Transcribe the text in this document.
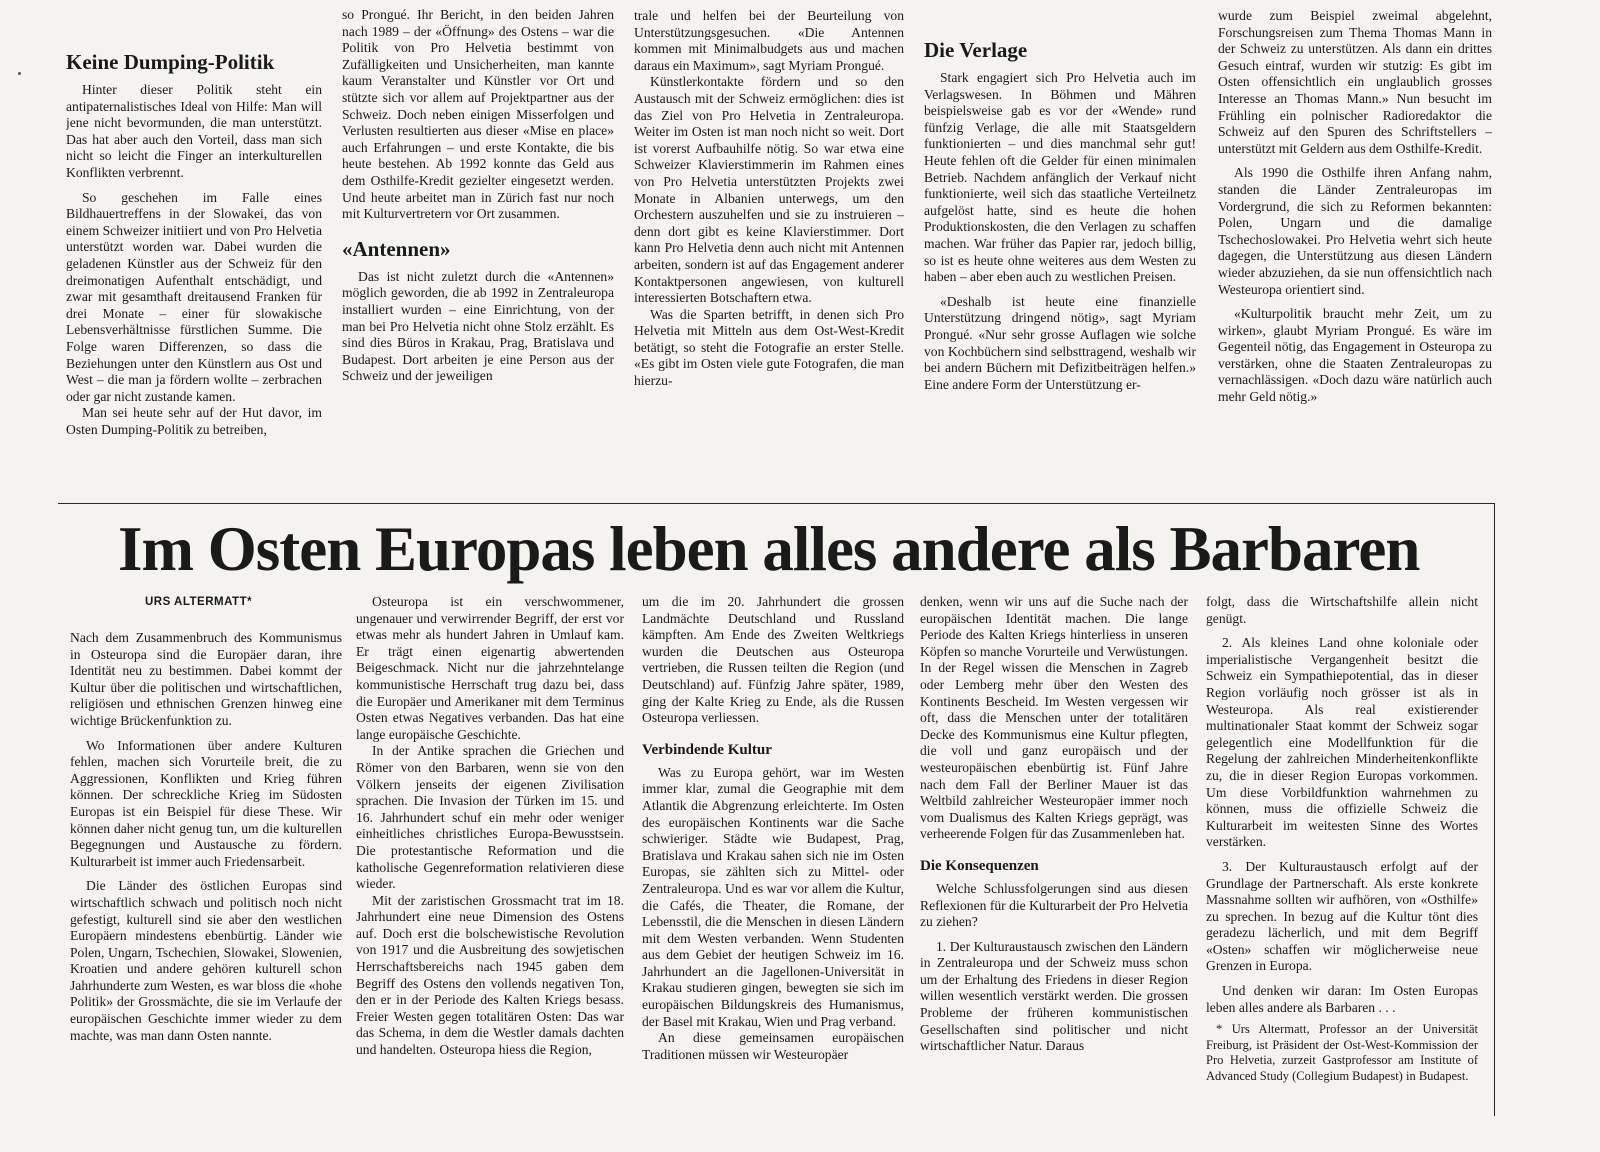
Keine Dumping-Politik

Hinter dieser Politik steht ein antipaternalistisches Ideal von Hilfe: Man will jene nicht bevormunden, die man unterstützt. Das hat aber auch den Vorteil, dass man sich nicht so leicht die Finger an interkulturellen Konflikten verbrennt.

So geschehen im Falle eines Bildhauertreffens in der Slowakei, das von einem Schweizer initiiert und von Pro Helvetia unterstützt worden war. Dabei wurden die geladenen Künstler aus der Schweiz für den dreimonatigen Aufenthalt entschädigt, und zwar mit gesamthaft dreitausend Franken für drei Monate – einer für slowakische Lebensverhältnisse fürstlichen Summe. Die Folge waren Differenzen, so dass die Beziehungen unter den Künstlern aus Ost und West – die man ja fördern wollte – zerbrachen oder gar nicht zustande kamen.

Man sei heute sehr auf der Hut davor, im Osten Dumping-Politik zu betreiben,

so Prongué. Ihr Bericht, in den beiden Jahren nach 1989 – der «Öffnung» des Ostens – war die Politik von Pro Helvetia bestimmt von Zufälligkeiten und Unsicherheiten, man kannte kaum Veranstalter und Künstler vor Ort und stützte sich vor allem auf Projektpartner aus der Schweiz. Doch neben einigen Misserfolgen und Verlusten resultierten aus dieser «Mise en place» auch Erfahrungen – und erste Kontakte, die bis heute bestehen. Ab 1992 konnte das Geld aus dem Osthilfe-Kredit gezielter eingesetzt werden. Und heute arbeitet man in Zürich fast nur noch mit Kulturvertretern vor Ort zusammen.

«Antennen»

Das ist nicht zuletzt durch die «Antennen» möglich geworden, die ab 1992 in Zentraleuropa installiert wurden – eine Einrichtung, von der man bei Pro Helvetia nicht ohne Stolz erzählt. Es sind dies Büros in Krakau, Prag, Bratislava und Budapest. Dort arbeiten je eine Person aus der Schweiz und der jeweiligen

trale und helfen bei der Beurteilung von Unterstützungsgesuchen. «Die Antennen kommen mit Minimalbudgets aus und machen daraus ein Maximum», sagt Myriam Prongué.

Künstlerkontakte fördern und so den Austausch mit der Schweiz ermöglichen: dies ist das Ziel von Pro Helvetia in Zentraleuropa. Weiter im Osten ist man noch nicht so weit. Dort ist vorerst Aufbauhilfe nötig. So war etwa eine Schweizer Klavierstimmerin im Rahmen eines von Pro Helvetia unterstützten Projekts zwei Monate in Albanien unterwegs, um den Orchestern auszuhelfen und sie zu instruieren – denn dort gibt es keine Klavierstimmer. Dort kann Pro Helvetia denn auch nicht mit Antennen arbeiten, sondern ist auf das Engagement anderer Kontaktpersonen angewiesen, von kulturell interessierten Botschaftern etwa.

Was die Sparten betrifft, in denen sich Pro Helvetia mit Mitteln aus dem Ost-West-Kredit betätigt, so steht die Fotografie an erster Stelle. «Es gibt im Osten viele gute Fotografen, die man hierzu-

Die Verlage

Stark engagiert sich Pro Helvetia auch im Verlagswesen. In Böhmen und Mähren beispielsweise gab es vor der «Wende» rund fünfzig Verlage, die alle mit Staatsgeldern funktionierten – und dies manchmal sehr gut! Heute fehlen oft die Gelder für einen minimalen Betrieb. Nachdem anfänglich der Verkauf nicht funktionierte, weil sich das staatliche Verteilnetz aufgelöst hatte, sind es heute die hohen Produktionskosten, die den Verlagen zu schaffen machen. War früher das Papier rar, jedoch billig, so ist es heute ohne weiteres aus dem Westen zu haben – aber eben auch zu westlichen Preisen.

«Deshalb ist heute eine finanzielle Unterstützung dringend nötig», sagt Myriam Prongué. «Nur sehr grosse Auflagen wie solche von Kochbüchern sind selbsttragend, weshalb wir bei andern Büchern mit Defizitbeiträgen helfen.» Eine andere Form der Unterstützung er-

wurde zum Beispiel zweimal abgelehnt, Forschungsreisen zum Thema Thomas Mann in der Schweiz zu unterstützen. Als dann ein drittes Gesuch eintraf, wurden wir stutzig: Es gibt im Osten offensichtlich ein unglaublich grosses Interesse an Thomas Mann.» Nun besucht im Frühling ein polnischer Radioredaktor die Schweiz auf den Spuren des Schriftstellers – unterstützt mit Geldern aus dem Osthilfe-Kredit.

Als 1990 die Osthilfe ihren Anfang nahm, standen die Länder Zentraleuropas im Vordergrund, die sich zu Reformen bekannten: Polen, Ungarn und die damalige Tschechoslowakei. Pro Helvetia wehrt sich heute dagegen, die Unterstützung aus diesen Ländern wieder abzuziehen, da sie nun offensichtlich nach Westeuropa orientiert sind.

«Kulturpolitik braucht mehr Zeit, um zu wirken», glaubt Myriam Prongué. Es wäre im Gegenteil nötig, das Engagement in Osteuropa zu verstärken, ohne die Staaten Zentraleuropas zu vernachlässigen. «Doch dazu wäre natürlich auch mehr Geld nötig.»

Im Osten Europas leben alles andere als Barbaren
URS ALTERMATT*

Nach dem Zusammenbruch des Kommunismus in Osteuropa sind die Europäer daran, ihre Identität neu zu bestimmen. Dabei kommt der Kultur über die politischen und wirtschaftlichen, religiösen und ethnischen Grenzen hinweg eine wichtige Brückenfunktion zu.

Wo Informationen über andere Kulturen fehlen, machen sich Vorurteile breit, die zu Aggressionen, Konflikten und Krieg führen können. Der schreckliche Krieg im Südosten Europas ist ein Beispiel für diese These. Wir können daher nicht genug tun, um die kulturellen Begegnungen und Austausche zu fördern. Kulturarbeit ist immer auch Friedensarbeit.

Die Länder des östlichen Europas sind wirtschaftlich schwach und politisch noch nicht gefestigt, kulturell sind sie aber den westlichen Europäern mindestens ebenbürtig. Länder wie Polen, Ungarn, Tschechien, Slowakei, Slowenien, Kroatien und andere gehören kulturell schon Jahrhunderte zum Westen, es war bloss die «hohe Politik» der Grossmächte, die sie im Verlaufe der europäischen Geschichte immer wieder zu dem machte, was man dann Osten nannte.

Osteuropa ist ein verschwommener, ungenauer und verwirrender Begriff, der erst vor etwas mehr als hundert Jahren in Umlauf kam. Er trägt einen eigenartig abwertenden Beigeschmack. Nicht nur die jahrzehntelange kommunistische Herrschaft trug dazu bei, dass die Europäer und Amerikaner mit dem Terminus Osten etwas Negatives verbanden. Das hat eine lange europäische Geschichte.

In der Antike sprachen die Griechen und Römer von den Barbaren, wenn sie von den Völkern jenseits der eigenen Zivilisation sprachen. Die Invasion der Türken im 15. und 16. Jahrhundert schuf ein mehr oder weniger einheitliches christliches Europa-Bewusstsein. Die protestantische Reformation und die katholische Gegenreformation relativieren diese wieder.

Mit der zaristischen Grossmacht trat im 18. Jahrhundert eine neue Dimension des Ostens auf. Doch erst die bolschewistische Revolution von 1917 und die Ausbreitung des sowjetischen Herrschaftsbereichs nach 1945 gaben dem Begriff des Ostens den vollends negativen Ton, den er in der Periode des Kalten Kriegs besass. Freier Westen gegen totalitären Osten: Das war das Schema, in dem die Westler damals dachten und handelten. Osteuropa hiess die Region,

um die im 20. Jahrhundert die grossen Landmächte Deutschland und Russland kämpften. Am Ende des Zweiten Weltkriegs wurden die Deutschen aus Osteuropa vertrieben, die Russen teilten die Region (und Deutschland) auf. Fünfzig Jahre später, 1989, ging der Kalte Krieg zu Ende, als die Russen Osteuropa verliessen.

Verbindende Kultur

Was zu Europa gehört, war im Westen immer klar, zumal die Geographie mit dem Atlantik die Abgrenzung erleichterte. Im Osten des europäischen Kontinents war die Sache schwieriger. Städte wie Budapest, Prag, Bratislava und Krakau sahen sich nie im Osten Europas, sie zählten sich zu Mittel- oder Zentraleuropa. Und es war vor allem die Kultur, die Cafés, die Theater, die Romane, der Lebensstil, die die Menschen in diesen Ländern mit dem Westen verbanden. Wenn Studenten aus dem Gebiet der heutigen Schweiz im 16. Jahrhundert an die Jagellonen-Universität in Krakau studieren gingen, bewegten sie sich im europäischen Bildungskreis des Humanismus, der Basel mit Krakau, Wien und Prag verband.

An diese gemeinsamen europäischen Traditionen müssen wir Westeuropäer

denken, wenn wir uns auf die Suche nach der europäischen Identität machen. Die lange Periode des Kalten Kriegs hinterliess in unseren Köpfen so manche Vorurteile und Verwüstungen. In der Regel wissen die Menschen in Zagreb oder Lemberg mehr über den Westen des Kontinents Bescheid. Im Westen vergessen wir oft, dass die Menschen unter der totalitären Decke des Kommunismus eine Kultur pflegten, die voll und ganz europäisch und der westeuropäischen ebenbürtig ist. Fünf Jahre nach dem Fall der Berliner Mauer ist das Weltbild zahlreicher Westeuropäer immer noch vom Dualismus des Kalten Kriegs geprägt, was verheerende Folgen für das Zusammenleben hat.

Die Konsequenzen

Welche Schlussfolgerungen sind aus diesen Reflexionen für die Kulturarbeit der Pro Helvetia zu ziehen?

1. Der Kulturaustausch zwischen den Ländern in Zentraleuropa und der Schweiz muss schon um der Erhaltung des Friedens in dieser Region willen wesentlich verstärkt werden. Die grossen Probleme der früheren kommunistischen Gesellschaften sind politischer und nicht wirtschaftlicher Natur. Daraus

folgt, dass die Wirtschaftshilfe allein nicht genügt.

2. Als kleines Land ohne koloniale oder imperialistische Vergangenheit besitzt die Schweiz ein Sympathiepotential, das in dieser Region vorläufig noch grösser ist als in Westeuropa. Als real existierender multinationaler Staat kommt der Schweiz sogar gelegentlich eine Modellfunktion für die Regelung der zahlreichen Minderheitenkonflikte zu, die in dieser Region Europas vorkommen. Um diese Vorbildfunktion wahrnehmen zu können, muss die offizielle Schweiz die Kulturarbeit im weitesten Sinne des Wortes verstärken.

3. Der Kulturaustausch erfolgt auf der Grundlage der Partnerschaft. Als erste konkrete Massnahme sollten wir aufhören, von «Osthilfe» zu sprechen. In bezug auf die Kultur tönt dies geradezu lächerlich, und mit dem Begriff «Osten» schaffen wir möglicherweise neue Grenzen in Europa.

Und denken wir daran: Im Osten Europas leben alles andere als Barbaren . . .

* Urs Altermatt, Professor an der Universität Freiburg, ist Präsident der Ost-West-Kommission der Pro Helvetia, zurzeit Gastprofessor am Institute of Advanced Study (Collegium Budapest) in Budapest.
